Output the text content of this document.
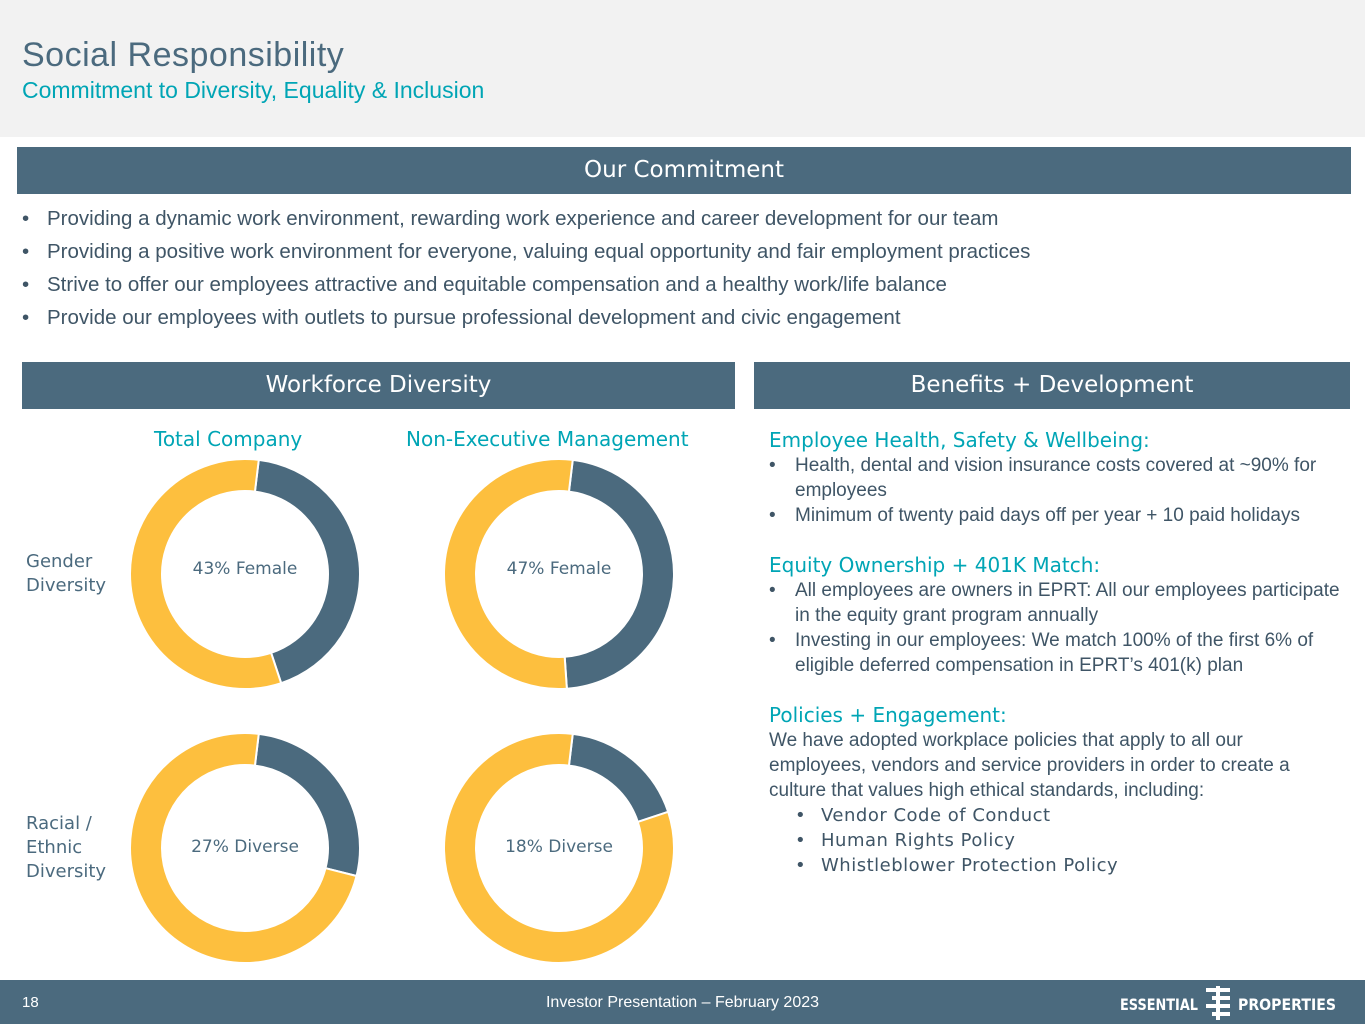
Social Responsibility
Commitment to Diversity, Equality & Inclusion
Our Commitment
• Providing a dynamic work environment, rewarding work experience and career development for our team
• Providing a positive work environment for everyone, valuing equal opportunity and fair employment practices
• Strive to offer our employees attractive and equitable compensation and a healthy work/life balance
• Provide our employees with outlets to pursue professional development and civic engagement
Workforce Diversity	Benefits + Development
Total Company	Non-Executive Management
Gender
Diversity
Racial /
Ethnic
Diversity
43% Female	47% Female
27% Diverse	18% Diverse
Employee Health, Safety & Wellbeing:
• Health, dental and vision insurance costs covered at ~90% for employees
• Minimum of twenty paid days off per year + 10 paid holidays
Equity Ownership + 401K Match:
• All employees are owners in EPRT: All our employees participate in the equity grant program annually
• Investing in our employees: We match 100% of the first 6% of eligible deferred compensation in EPRT’s 401(k) plan
Policies + Engagement:
We have adopted workplace policies that apply to all our employees, vendors and service providers in order to create a culture that values high ethical standards, including:
• Vendor Code of Conduct
• Human Rights Policy
• Whistleblower Protection Policy
18	Investor Presentation – February 2023	ESSENTIAL	PROPERTIES
